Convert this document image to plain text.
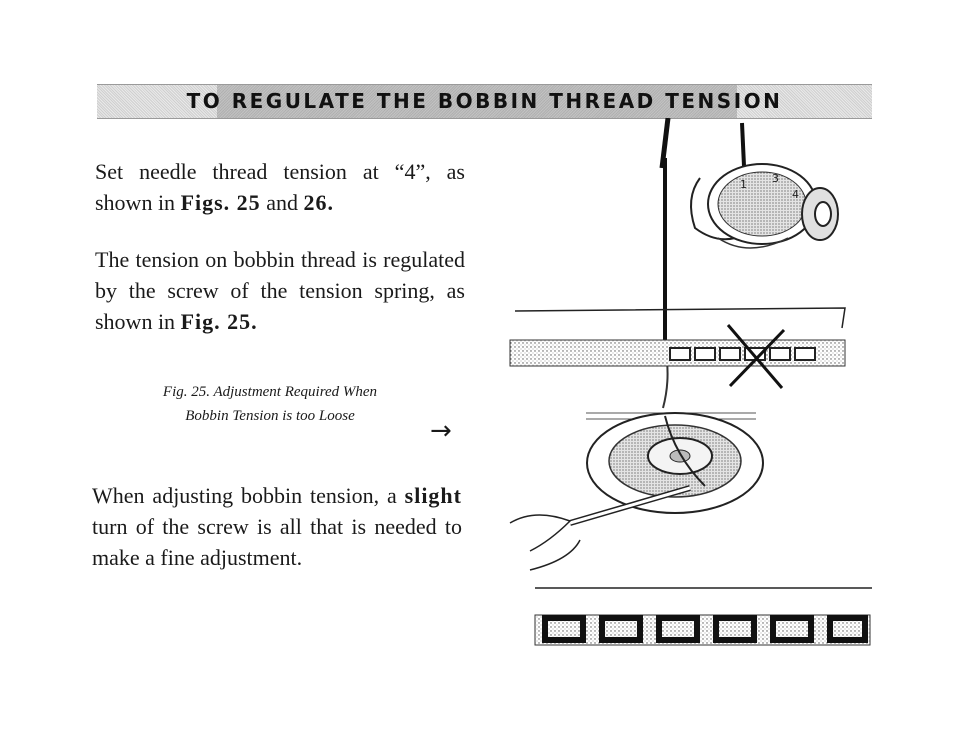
TO REGULATE THE BOBBIN THREAD TENSION

Set needle thread tension at “4”, as shown in Figs. 25 and 26.

The tension on bobbin thread is regulated by the screw of the tension spring, as shown in Fig. 25.

Fig. 25. Adjustment Required When
Bobbin Tension is too Loose	→

When adjusting bobbin tension, a slight turn of the screw is all that is needed to make a fine adjustment.

1 3
4
